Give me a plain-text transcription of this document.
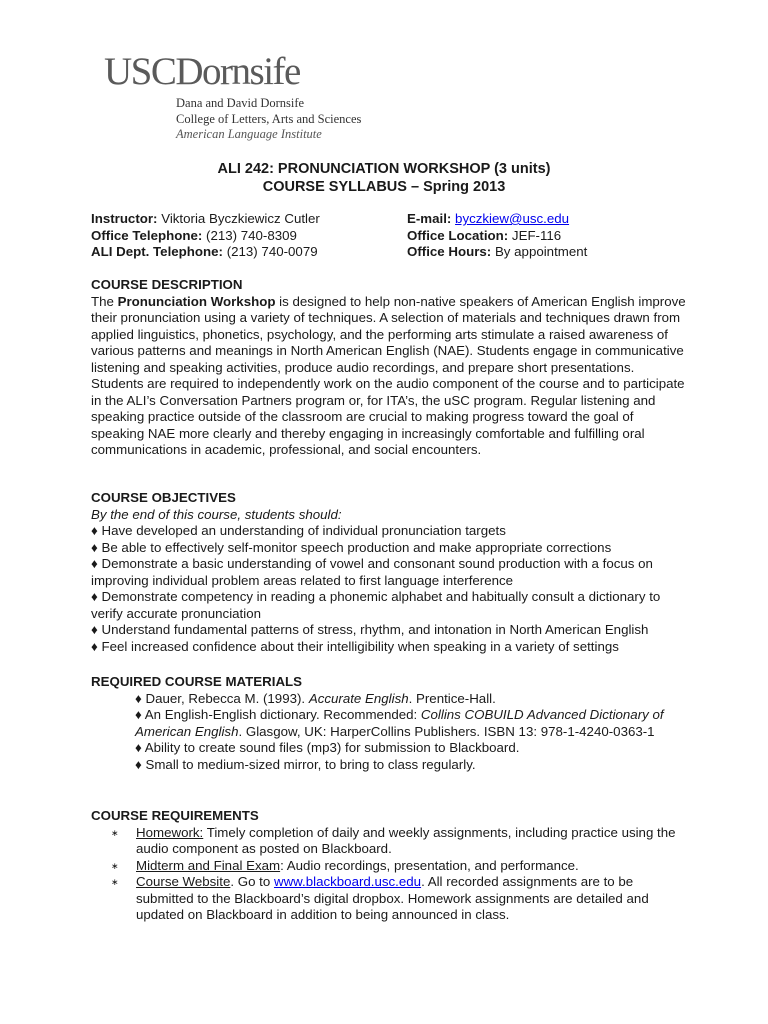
USCDornsife
Dana and David Dornsife
College of Letters, Arts and Sciences
American Language Institute
ALI 242: PRONUNCIATION WORKSHOP (3 units)
COURSE SYLLABUS – Spring 2013
Instructor: Viktoria Byczkiewicz Cutler
Office Telephone: (213) 740-8309
ALI Dept. Telephone: (213) 740-0079
E-mail: byczkiew@usc.edu
Office Location: JEF-116
Office Hours: By appointment
COURSE DESCRIPTION

The Pronunciation Workshop is designed to help non-native speakers of American English improve their pronunciation using a variety of techniques. A selection of materials and techniques drawn from applied linguistics, phonetics, psychology, and the performing arts stimulate a raised awareness of various patterns and meanings in North American English (NAE). Students engage in communicative listening and speaking activities, produce audio recordings, and prepare short presentations. Students are required to independently work on the audio component of the course and to participate in the ALI’s Conversation Partners program or, for ITA’s, the uSC program. Regular listening and speaking practice outside of the classroom are crucial to making progress toward the goal of speaking NAE more clearly and thereby engaging in increasingly comfortable and fulfilling oral communications in academic, professional, and social encounters.

COURSE OBJECTIVES
By the end of this course, students should:
♦ Have developed an understanding of individual pronunciation targets
♦ Be able to effectively self-monitor speech production and make appropriate corrections
♦ Demonstrate a basic understanding of vowel and consonant sound production with a focus on improving individual problem areas related to first language interference
♦ Demonstrate competency in reading a phonemic alphabet and habitually consult a dictionary to verify accurate pronunciation
♦ Understand fundamental patterns of stress, rhythm, and intonation in North American English
♦ Feel increased confidence about their intelligibility when speaking in a variety of settings
REQUIRED COURSE MATERIALS
♦ Dauer, Rebecca M. (1993). Accurate English. Prentice-Hall.
♦ An English-English dictionary. Recommended: Collins COBUILD Advanced Dictionary of American English. Glasgow, UK: HarperCollins Publishers. ISBN 13: 978-1-4240-0363-1
♦ Ability to create sound files (mp3) for submission to Blackboard.
♦ Small to medium-sized mirror, to bring to class regularly.
COURSE REQUIREMENTS
∗ Homework: Timely completion of daily and weekly assignments, including practice using the audio component as posted on Blackboard.
∗ Midterm and Final Exam: Audio recordings, presentation, and performance.
∗ Course Website. Go to www.blackboard.usc.edu. All recorded assignments are to be submitted to the Blackboard’s digital dropbox. Homework assignments are detailed and updated on Blackboard in addition to being announced in class.
